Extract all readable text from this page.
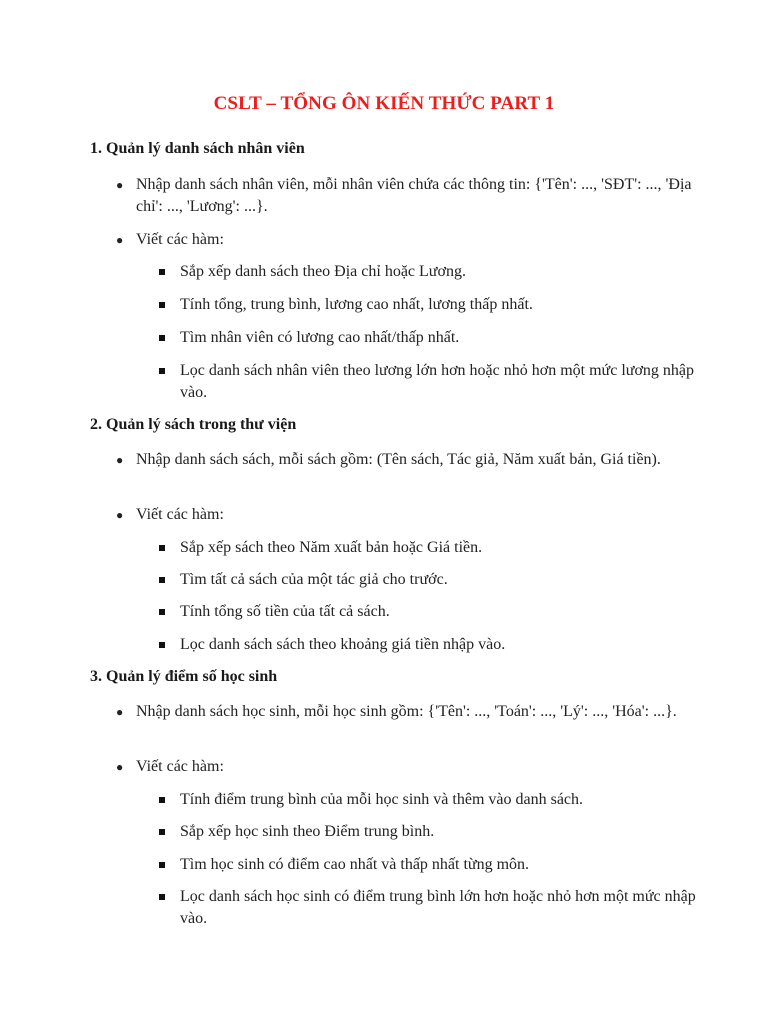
CSLT – TỔNG ÔN KIẾN THỨC PART 1
1. Quản lý danh sách nhân viên
● Nhập danh sách nhân viên, mỗi nhân viên chứa các thông tin: {'Tên': ..., 'SĐT': ..., 'Địa chỉ': ..., 'Lương': ...}.
● Viết các hàm:
Sắp xếp danh sách theo Địa chỉ hoặc Lương.
Tính tổng, trung bình, lương cao nhất, lương thấp nhất.
Tìm nhân viên có lương cao nhất/thấp nhất.
Lọc danh sách nhân viên theo lương lớn hơn hoặc nhỏ hơn một mức lương nhập vào.
2. Quản lý sách trong thư viện
● Nhập danh sách sách, mỗi sách gồm: (Tên sách, Tác giả, Năm xuất bản, Giá tiền).
● Viết các hàm:
Sắp xếp sách theo Năm xuất bản hoặc Giá tiền.
Tìm tất cả sách của một tác giả cho trước.
Tính tổng số tiền của tất cả sách.
Lọc danh sách sách theo khoảng giá tiền nhập vào.
3. Quản lý điểm số học sinh
● Nhập danh sách học sinh, mỗi học sinh gồm: {'Tên': ..., 'Toán': ..., 'Lý': ..., 'Hóa': ...}.
● Viết các hàm:
Tính điểm trung bình của mỗi học sinh và thêm vào danh sách.
Sắp xếp học sinh theo Điểm trung bình.
Tìm học sinh có điểm cao nhất và thấp nhất từng môn.
Lọc danh sách học sinh có điểm trung bình lớn hơn hoặc nhỏ hơn một mức nhập vào.
